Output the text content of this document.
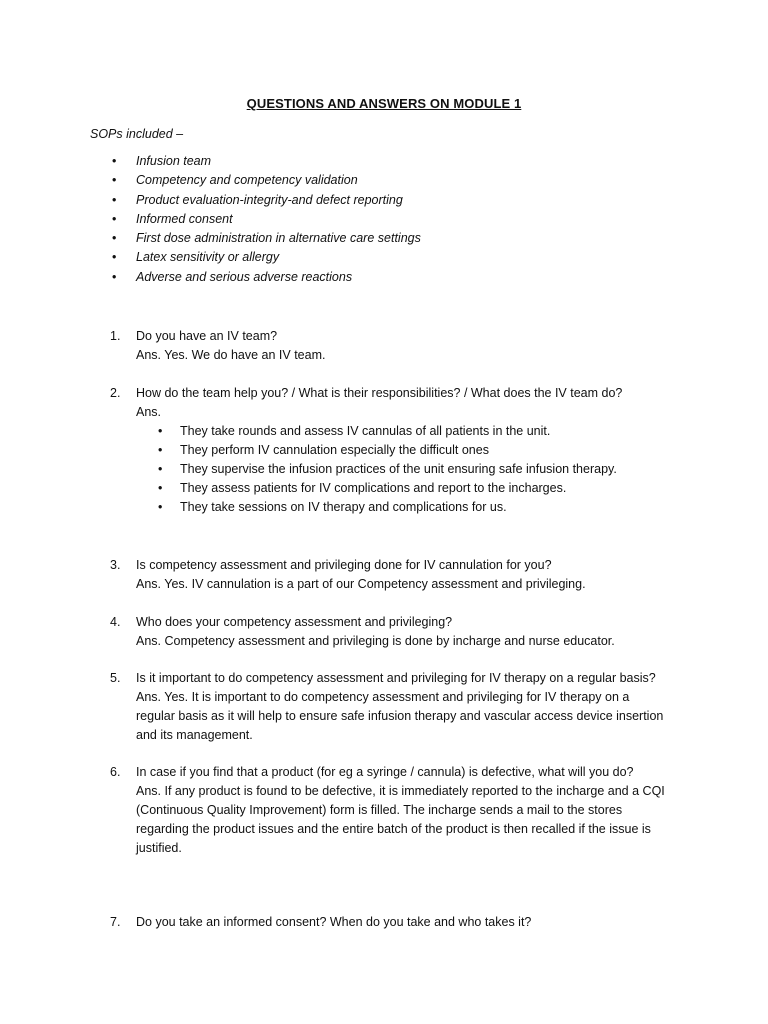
QUESTIONS AND ANSWERS ON MODULE 1
SOPs included –
• Infusion team
• Competency and competency validation
• Product evaluation-integrity-and defect reporting
• Informed consent
• First dose administration in alternative care settings
• Latex sensitivity or allergy
• Adverse and serious adverse reactions
1.	Do you have an IV team?
Ans. Yes. We do have an IV team.
2.	How do the team help you? / What is their responsibilities? / What does the IV team do?
Ans.
• They take rounds and assess IV cannulas of all patients in the unit.
• They perform IV cannulation especially the difficult ones
• They supervise the infusion practices of the unit ensuring safe infusion therapy.
• They assess patients for IV complications and report to the incharges.
• They take sessions on IV therapy and complications for us.
3.	Is competency assessment and privileging done for IV cannulation for you?
Ans. Yes. IV cannulation is a part of our Competency assessment and privileging.
4.	Who does your competency assessment and privileging?
Ans. Competency assessment and privileging is done by incharge and nurse educator.
5.	Is it important to do competency assessment and privileging for IV therapy on a regular basis?
Ans. Yes. It is important to do competency assessment and privileging for IV therapy on a regular basis as it will help to ensure safe infusion therapy and vascular access device insertion and its management.
6.	In case if you find that a product (for eg a syringe / cannula) is defective, what will you do?
Ans. If any product is found to be defective, it is immediately reported to the incharge and a CQI (Continuous Quality Improvement) form is filled. The incharge sends a mail to the stores regarding the product issues and the entire batch of the product is then recalled if the issue is justified.
7.	Do you take an informed consent? When do you take and who takes it?
